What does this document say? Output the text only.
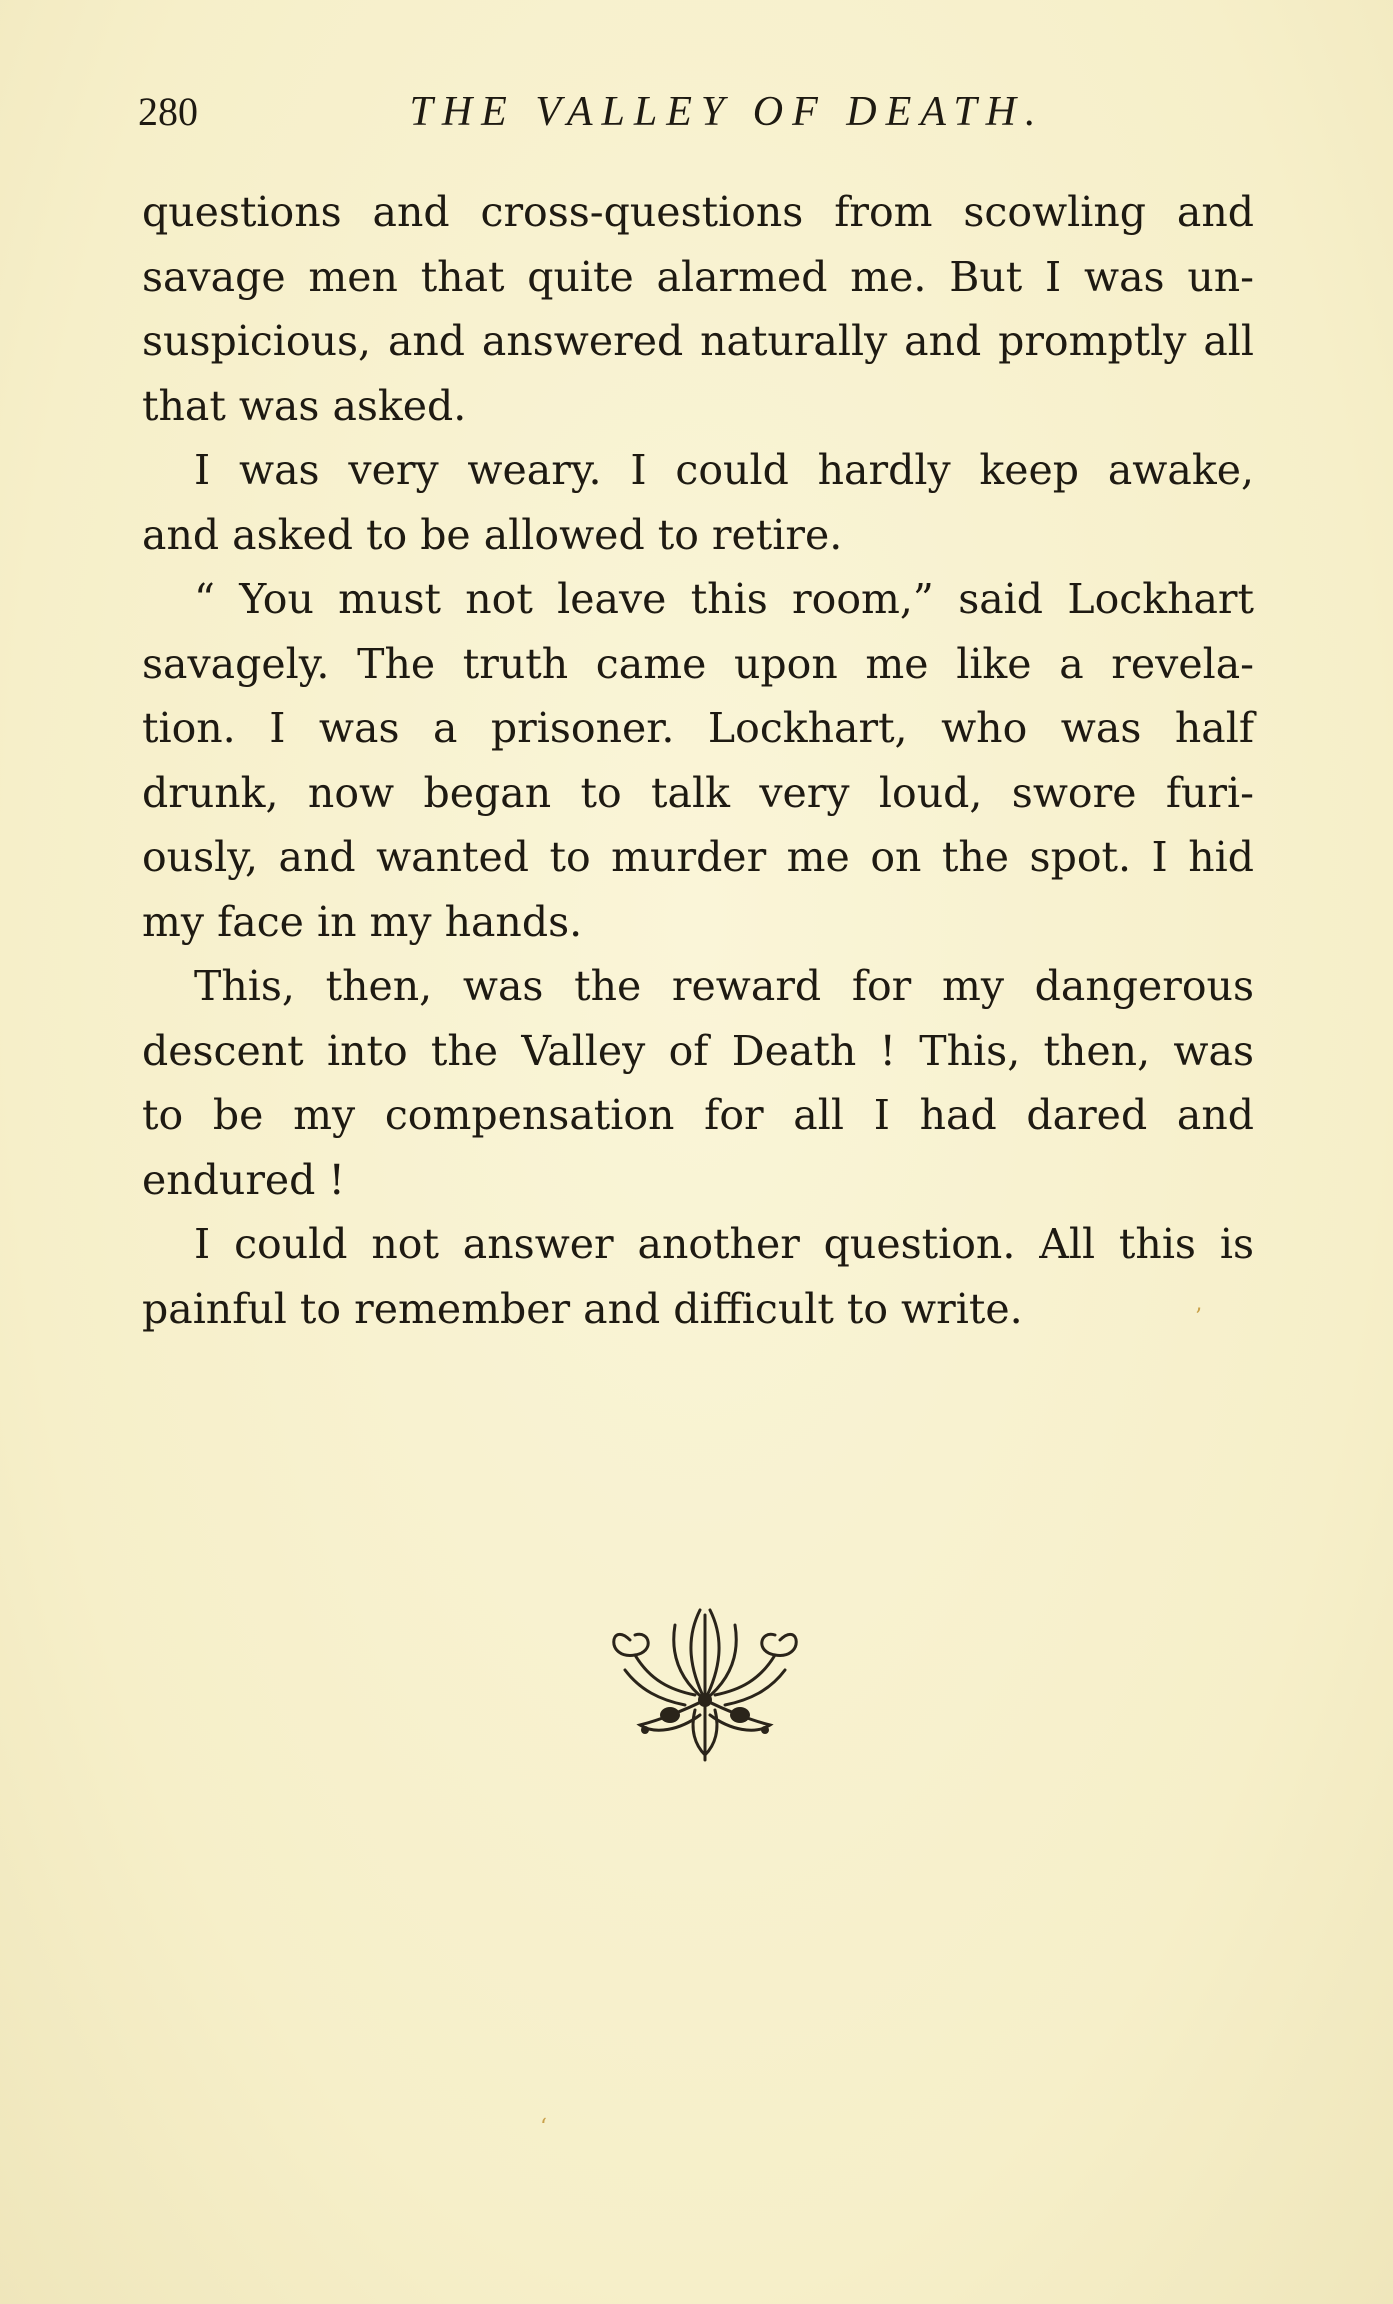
280	THE VALLEY OF DEATH.
questions and cross-questions from scowling and
savage men that quite alarmed me. But I was un-
suspicious, and answered naturally and promptly all
that was asked.
I was very weary. I could hardly keep awake,
and asked to be allowed to retire.
“ You must not leave this room,” said Lockhart
savagely. The truth came upon me like a revela-
tion. I was a prisoner. Lockhart, who was half
drunk, now began to talk very loud, swore furi-
ously, and wanted to murder me on the spot. I hid
my face in my hands.
This, then, was the reward for my dangerous
descent into the Valley of Death ! This, then, was
to be my compensation for all I had dared and
endured !
I could not answer another question. All this is
painful to remember and difficult to write.	’
‘
